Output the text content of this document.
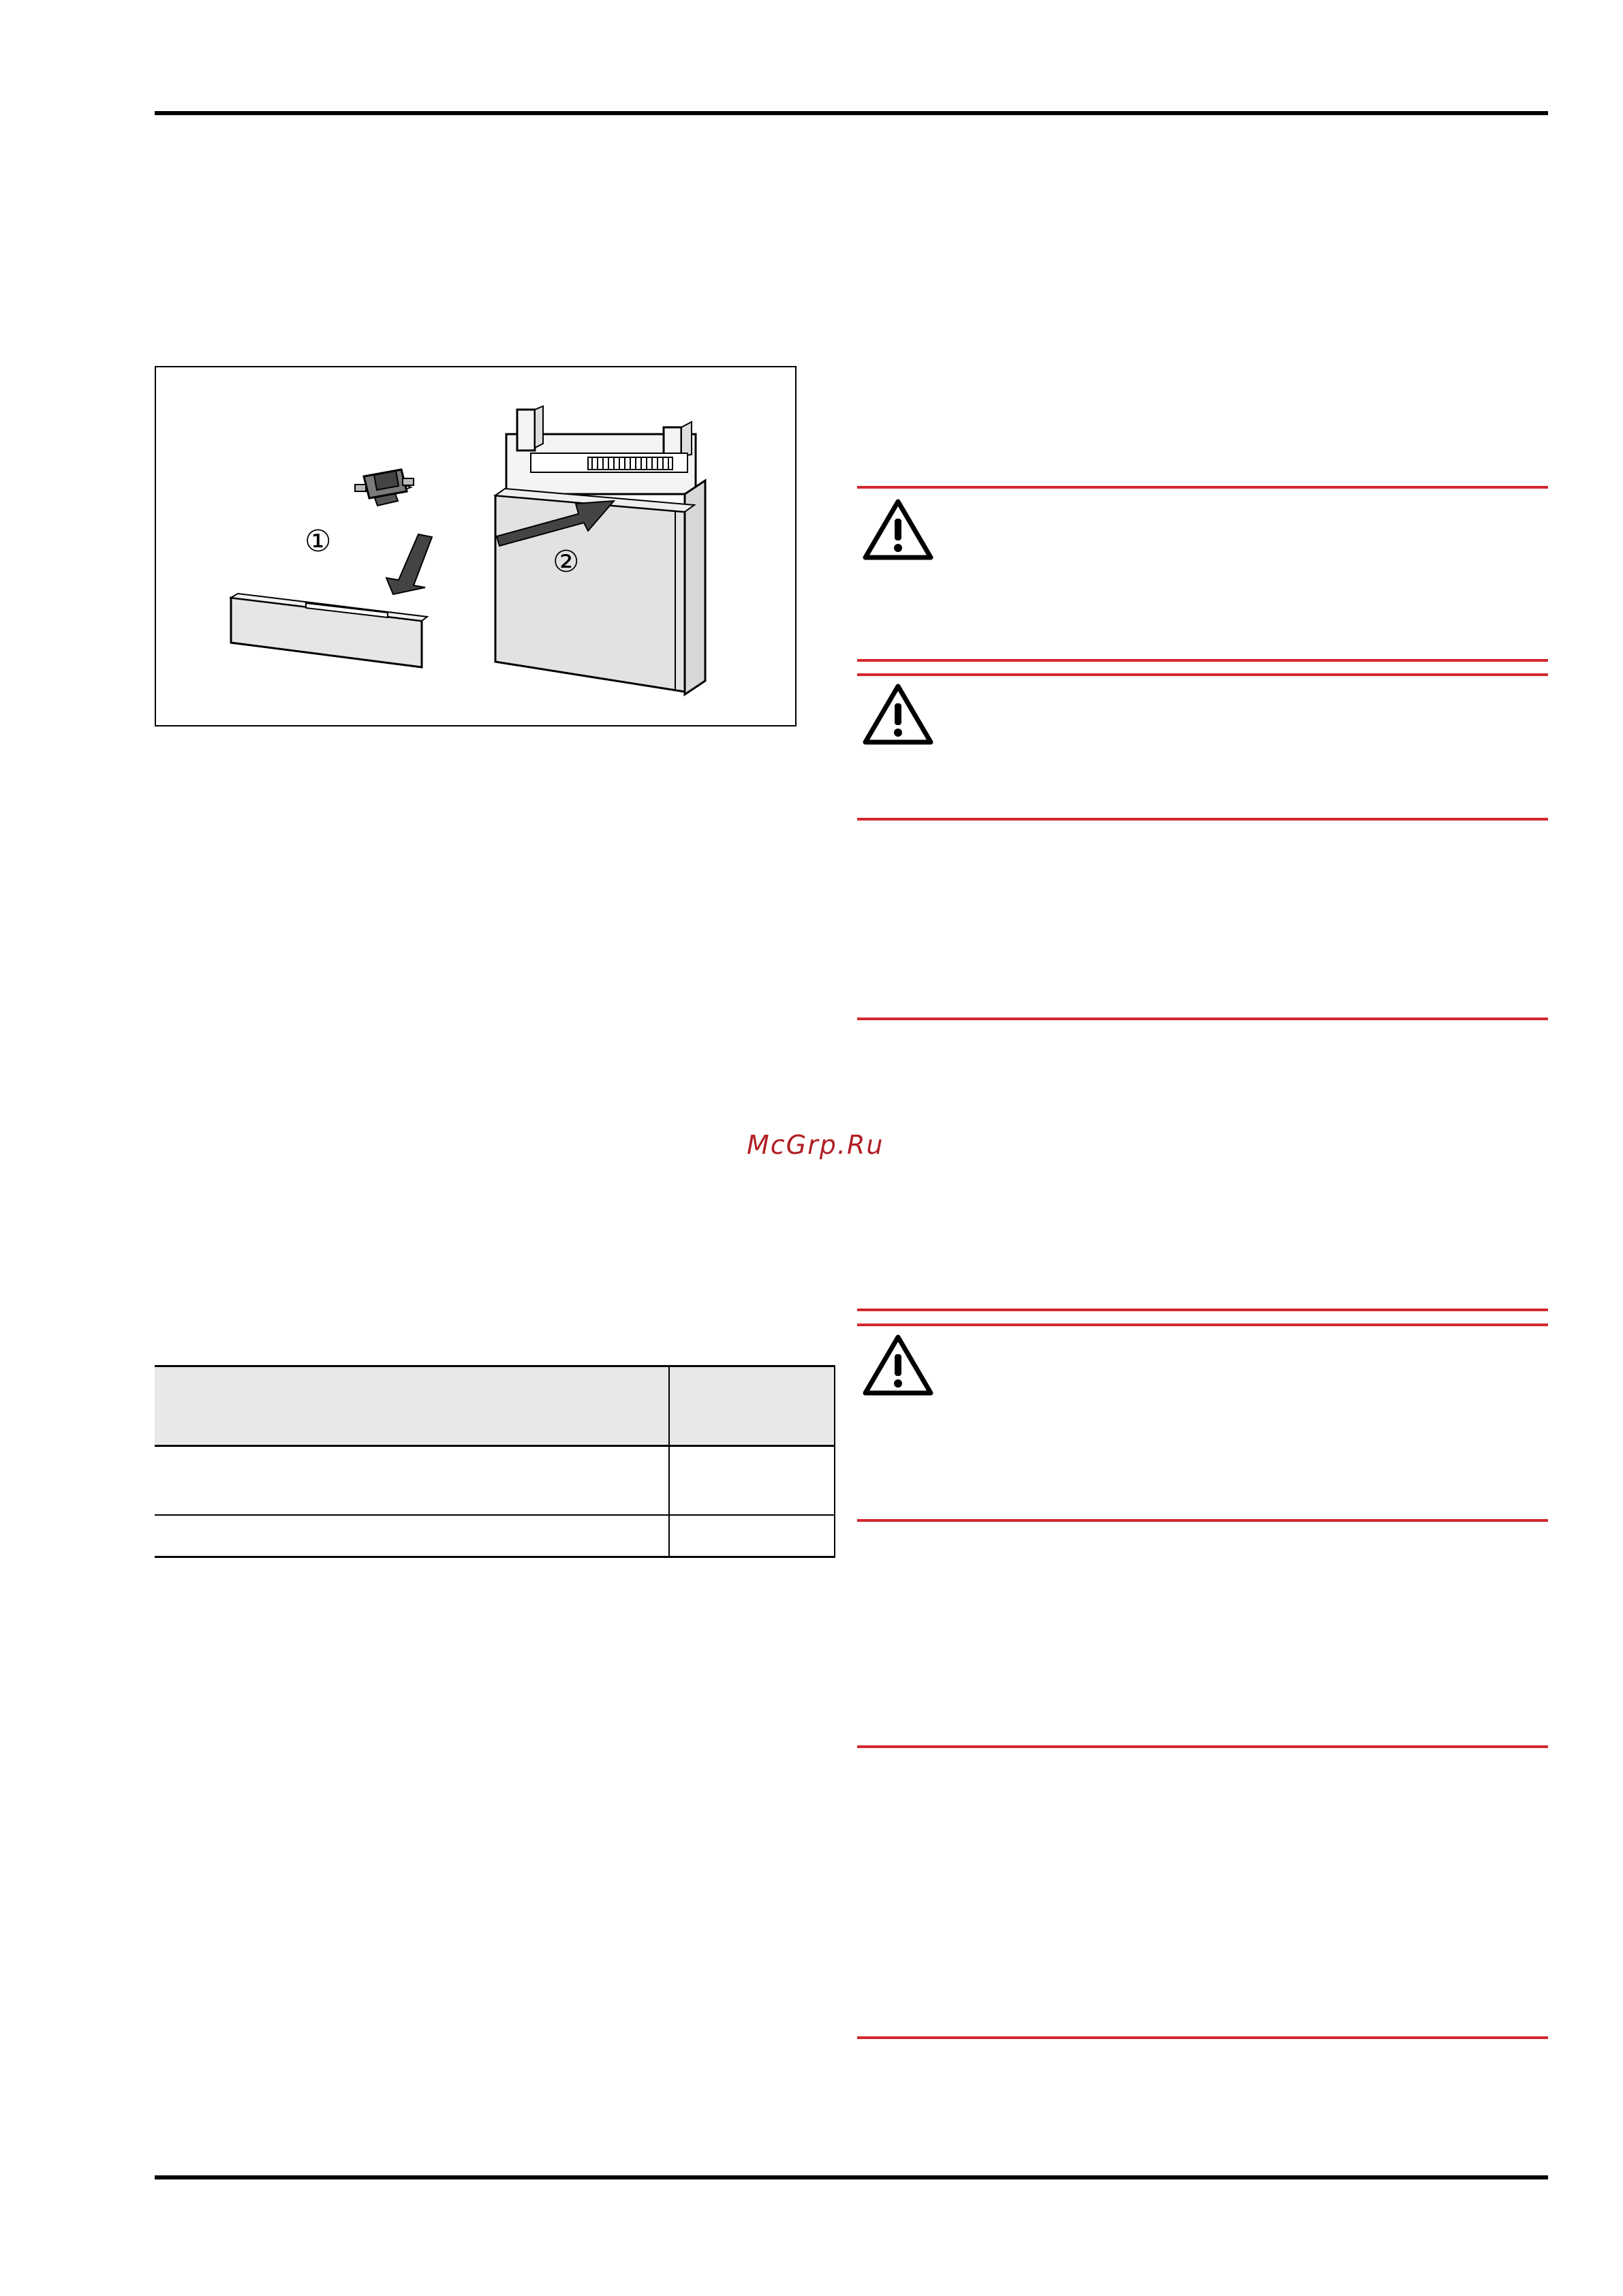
①
②
McGrp.Ru
